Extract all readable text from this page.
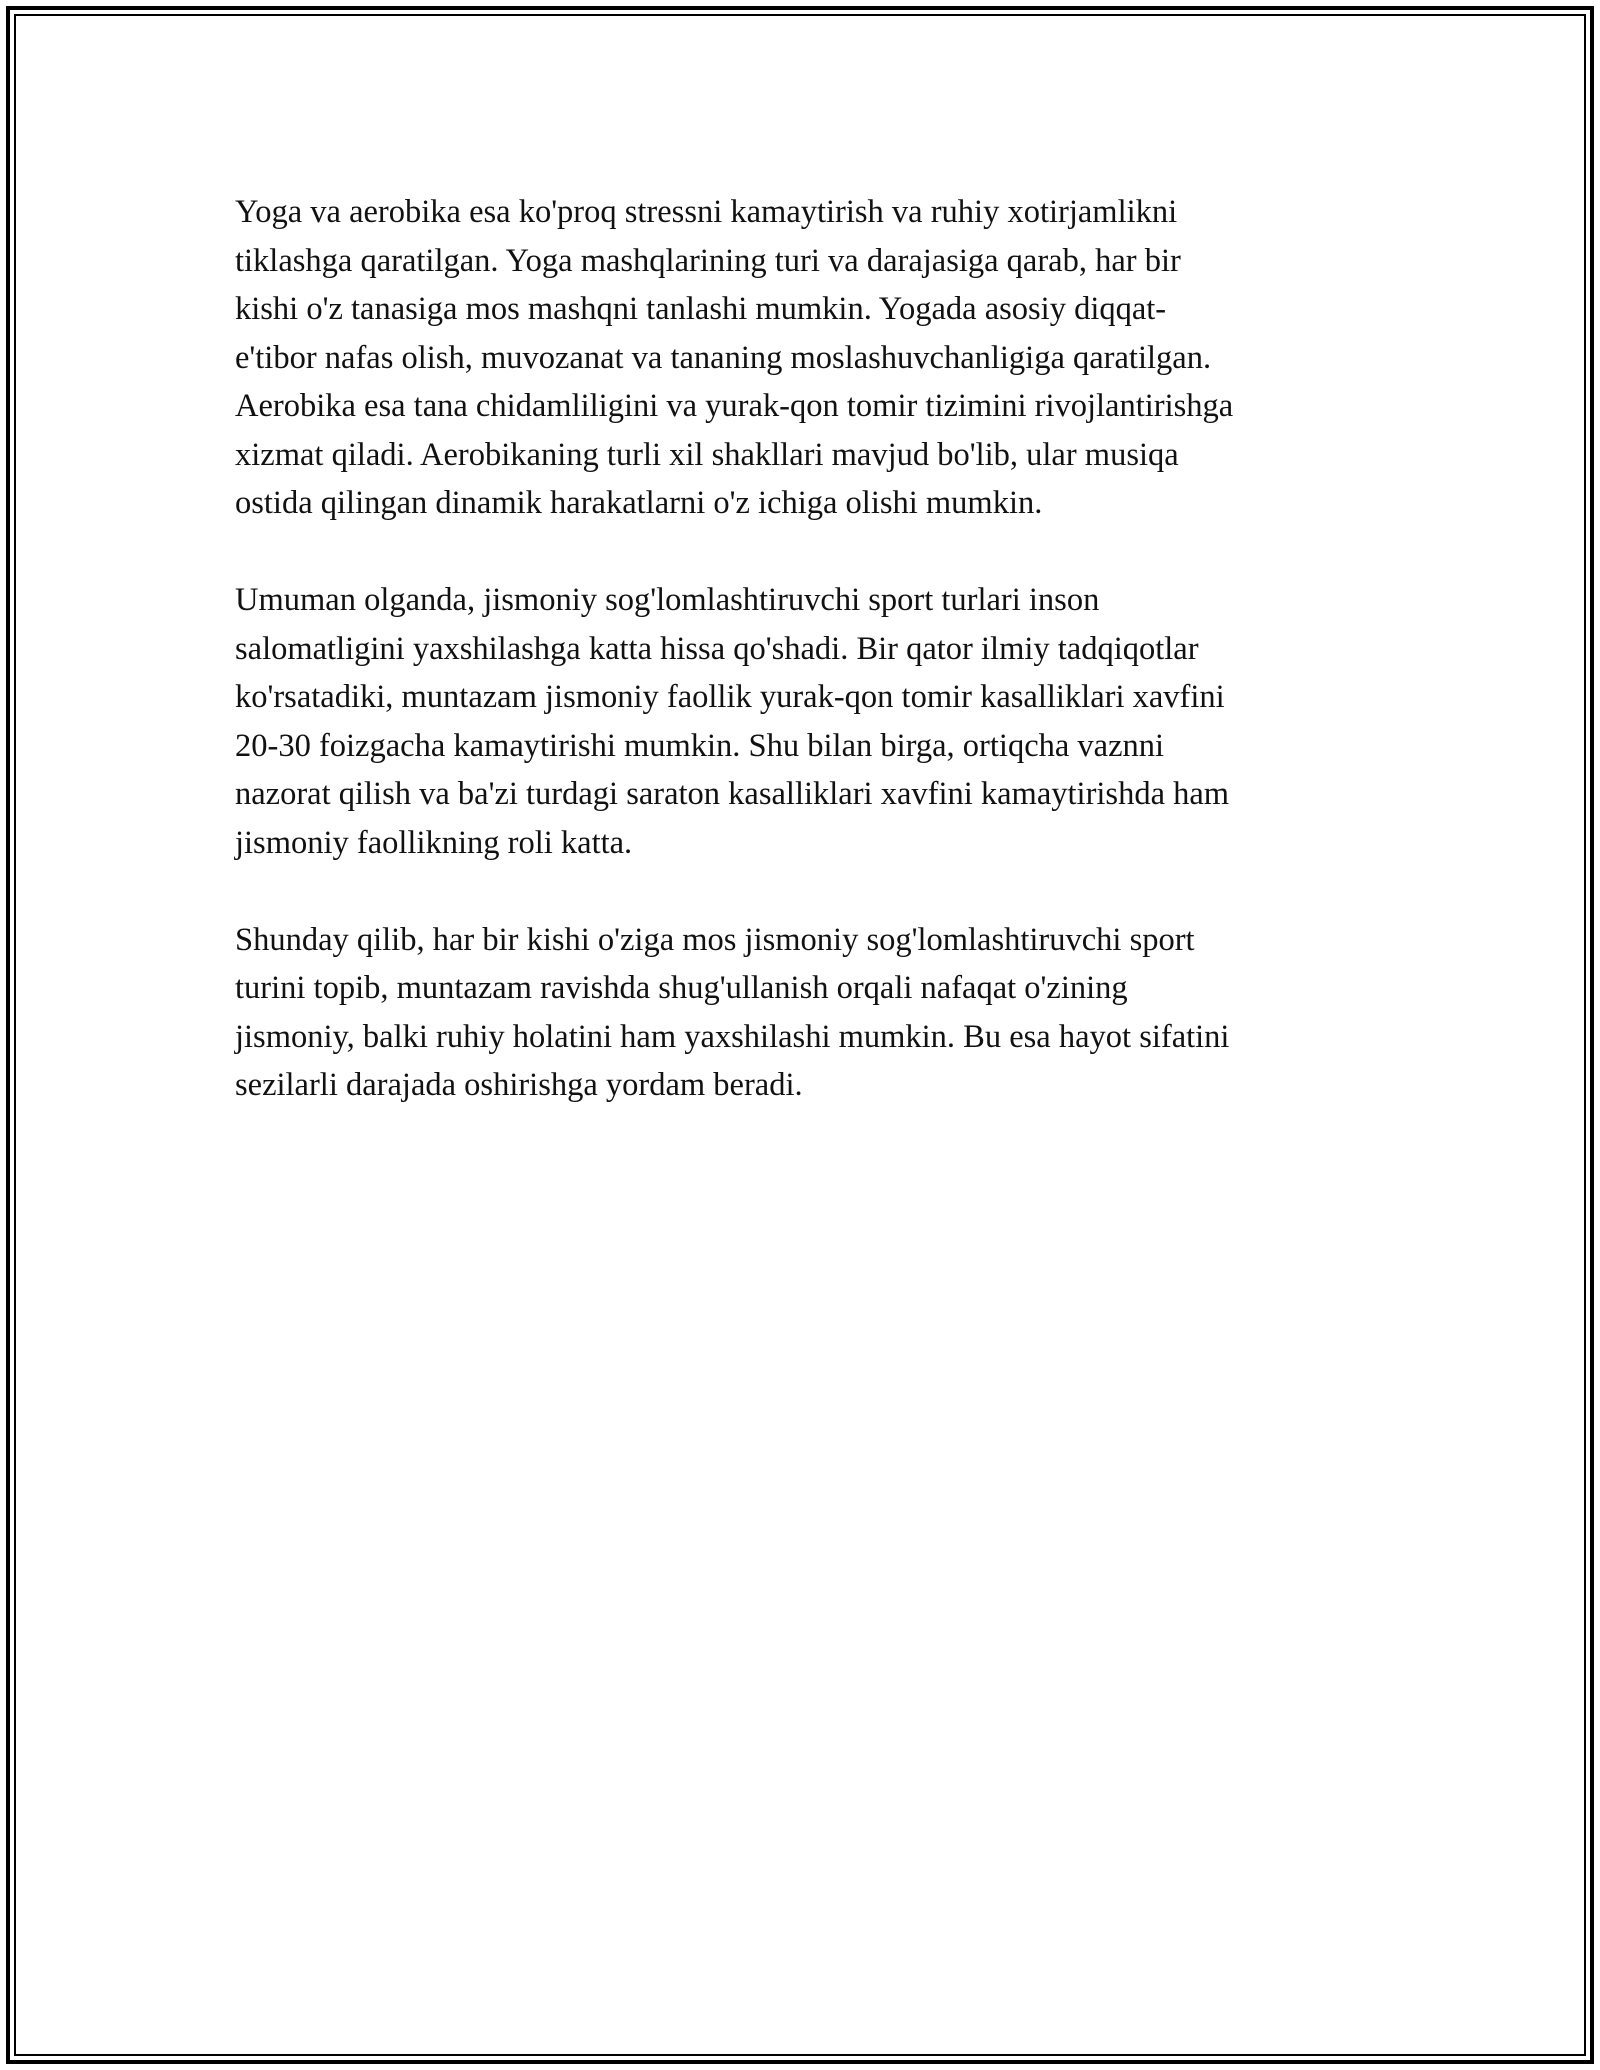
Yoga va aerobika esa ko'proq stressni kamaytirish va ruhiy xotirjamlikni
tiklashga qaratilgan. Yoga mashqlarining turi va darajasiga qarab, har bir
kishi o'z tanasiga mos mashqni tanlashi mumkin. Yogada asosiy diqqat-
e'tibor nafas olish, muvozanat va tananing moslashuvchanligiga qaratilgan.
Aerobika esa tana chidamliligini va yurak-qon tomir tizimini rivojlantirishga
xizmat qiladi. Aerobikaning turli xil shakllari mavjud bo'lib, ular musiqa
ostida qilingan dinamik harakatlarni o'z ichiga olishi mumkin.

Umuman olganda, jismoniy sog'lomlashtiruvchi sport turlari inson
salomatligini yaxshilashga katta hissa qo'shadi. Bir qator ilmiy tadqiqotlar
ko'rsatadiki, muntazam jismoniy faollik yurak-qon tomir kasalliklari xavfini
20-30 foizgacha kamaytirishi mumkin. Shu bilan birga, ortiqcha vaznni
nazorat qilish va ba'zi turdagi saraton kasalliklari xavfini kamaytirishda ham
jismoniy faollikning roli katta.

Shunday qilib, har bir kishi o'ziga mos jismoniy sog'lomlashtiruvchi sport
turini topib, muntazam ravishda shug'ullanish orqali nafaqat o'zining
jismoniy, balki ruhiy holatini ham yaxshilashi mumkin. Bu esa hayot sifatini
sezilarli darajada oshirishga yordam beradi.
